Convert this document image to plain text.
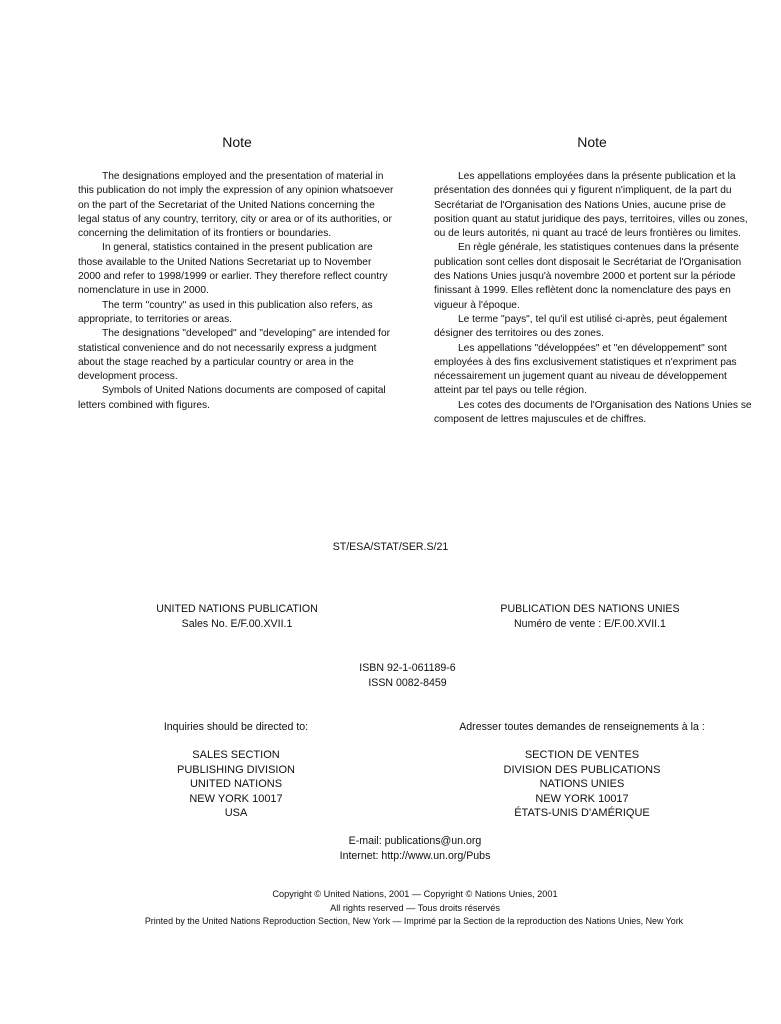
Note

The designations employed and the presentation of material in this publication do not imply the expression of any opinion whatsoever on the part of the Secretariat of the United Nations concerning the legal status of any country, territory, city or area or of its authorities, or concerning the delimitation of its frontiers or boundaries.

In general, statistics contained in the present publication are those available to the United Nations Secretariat up to November 2000 and refer to 1998/1999 or earlier. They therefore reflect country nomenclature in use in 2000.

The term "country" as used in this publication also refers, as appropriate, to territories or areas.

The designations "developed" and "developing" are intended for statistical convenience and do not necessarily express a judgment about the stage reached by a particular country or area in the development process.

Symbols of United Nations documents are composed of capital letters combined with figures.

Note

Les appellations employées dans la présente publication et la présentation des données qui y figurent n'impliquent, de la part du Secrétariat de l'Organisation des Nations Unies, aucune prise de position quant au statut juridique des pays, territoires, villes ou zones, ou de leurs autorités, ni quant au tracé de leurs frontières ou limites.

En règle générale, les statistiques contenues dans la présente publication sont celles dont disposait le Secrétariat de l'Organisation des Nations Unies jusqu'à novembre 2000 et portent sur la période finissant à 1999. Elles reflètent donc la nomenclature des pays en vigueur à l'époque.

Le terme "pays", tel qu'il est utilisé ci-après, peut également désigner des territoires ou des zones.

Les appellations "développées" et "en développement" sont employées à des fins exclusivement statistiques et n'expriment pas nécessairement un jugement quant au niveau de développement atteint par tel pays ou telle région.

Les cotes des documents de l'Organisation des Nations Unies se composent de lettres majuscules et de chiffres.

ST/ESA/STAT/SER.S/21
UNITED NATIONS PUBLICATION
Sales No. E/F.00.XVII.1
PUBLICATION DES NATIONS UNIES
Numéro de vente : E/F.00.XVII.1
ISBN 92-1-061189-6
ISSN 0082-8459
Inquiries should be directed to:	Adresser toutes demandes de renseignements à la :
SALES SECTION
PUBLISHING DIVISION
UNITED NATIONS
NEW YORK 10017
USA
SECTION DE VENTES
DIVISION DES PUBLICATIONS
NATIONS UNIES
NEW YORK 10017
ÉTATS-UNIS D'AMÉRIQUE
E-mail: publications@un.org
Internet: http://www.un.org/Pubs
Copyright © United Nations, 2001 — Copyright © Nations Unies, 2001
All rights reserved — Tous droits réservés
Printed by the United Nations Reproduction Section, New York — Imprimé par la Section de la reproduction des Nations Unies, New York
